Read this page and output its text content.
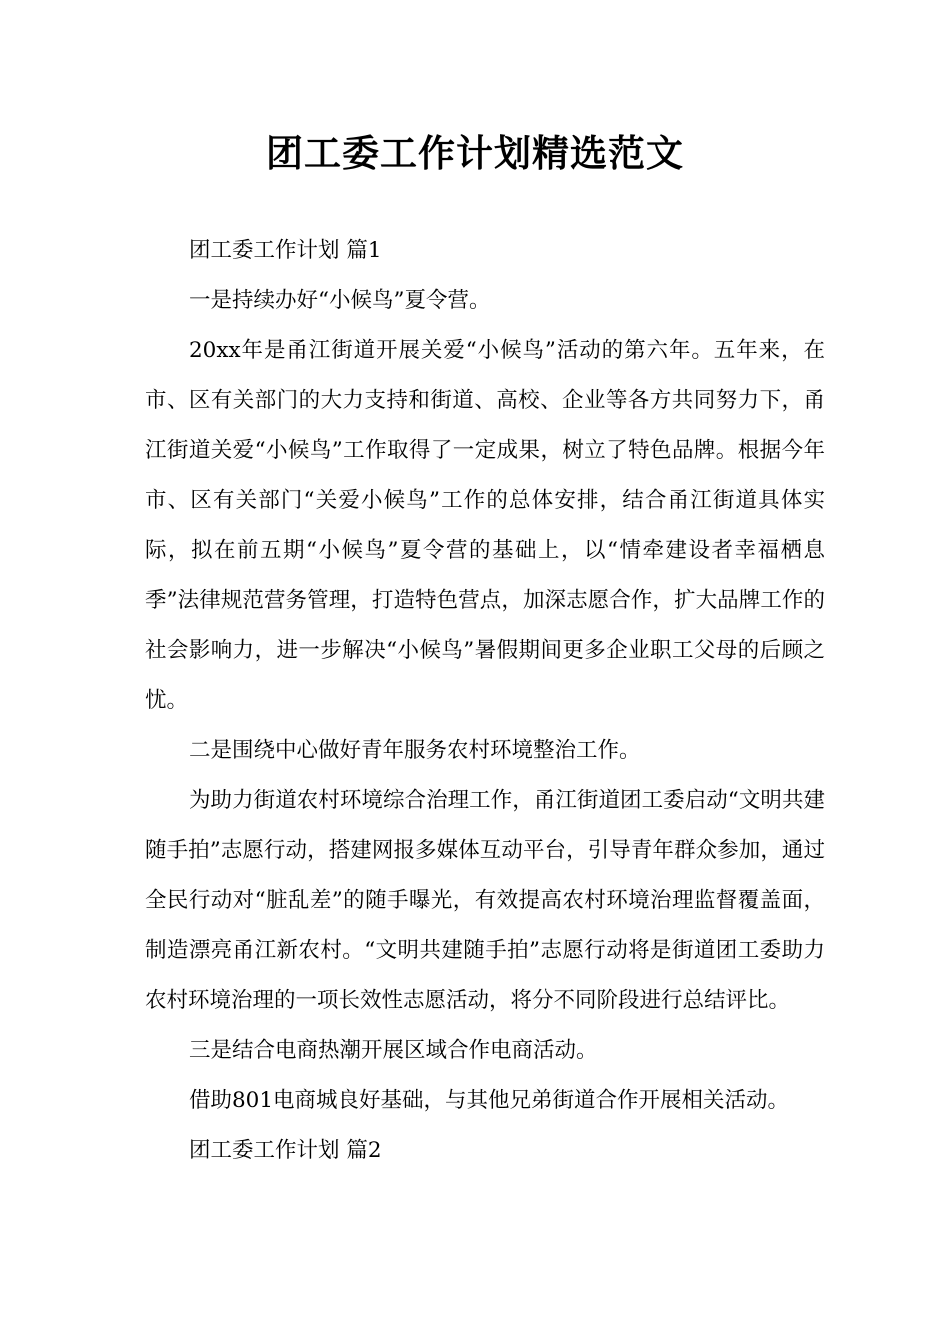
团工委工作计划精选范文

团工委工作计划 篇1

一是持续办好“小候鸟”夏令营。

20xx年是甬江街道开展关爱“小候鸟”活动的第六年。五年来，在市、区有关部门的大力支持和街道、高校、企业等各方共同努力下，甬江街道关爱“小候鸟”工作取得了一定成果，树立了特色品牌。根据今年市、区有关部门“关爱小候鸟”工作的总体安排，结合甬江街道具体实际，拟在前五期“小候鸟”夏令营的基础上，以“情牵建设者幸福栖息季”法律规范营务管理，打造特色营点，加深志愿合作，扩大品牌工作的社会影响力，进一步解决“小候鸟”暑假期间更多企业职工父母的后顾之忧。

二是围绕中心做好青年服务农村环境整治工作。

为助力街道农村环境综合治理工作，甬江街道团工委启动“文明共建随手拍”志愿行动，搭建网报多媒体互动平台，引导青年群众参加，通过全民行动对“脏乱差”的随手曝光，有效提高农村环境治理监督覆盖面，制造漂亮甬江新农村。“文明共建随手拍”志愿行动将是街道团工委助力农村环境治理的一项长效性志愿活动，将分不同阶段进行总结评比。

三是结合电商热潮开展区域合作电商活动。

借助801电商城良好基础，与其他兄弟街道合作开展相关活动。

团工委工作计划 篇2
